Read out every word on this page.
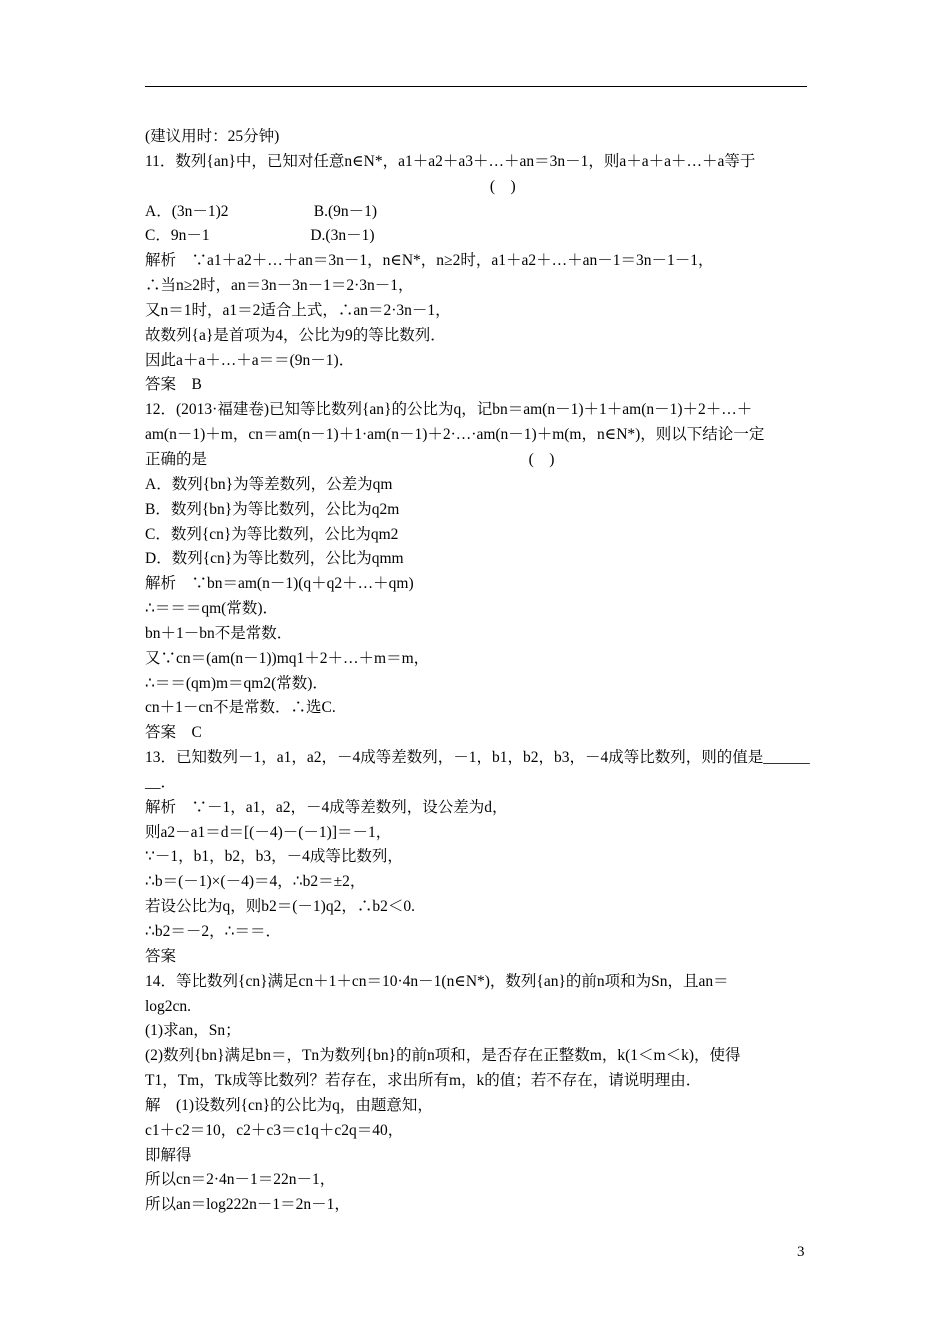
(建议用时：25分钟)
11．数列{an}中，已知对任意n∈N*，a1＋a2＋a3＋…＋an＝3n－1，则a＋a＋a＋…＋a等于
(    )
A．(3n－1)2                      B.(9n－1)
C．9n－1                          D.(3n－1)
解析　∵a1＋a2＋…＋an＝3n－1，n∈N*，n≥2时，a1＋a2＋…＋an－1＝3n－1－1，
∴当n≥2时，an＝3n－3n－1＝2·3n－1，
又n＝1时，a1＝2适合上式，∴an＝2·3n－1，
故数列{a}是首项为4，公比为9的等比数列．
因此a＋a＋…＋a＝＝(9n－1)．
答案　B
12．(2013·福建卷)已知等比数列{an}的公比为q，记bn＝am(n－1)＋1＋am(n－1)＋2＋…＋
am(n－1)＋m，cn＝am(n－1)＋1·am(n－1)＋2·…·am(n－1)＋m(m，n∈N*)，则以下结论一定
正确的是                                                                                   (    )
A．数列{bn}为等差数列，公差为qm
B．数列{bn}为等比数列，公比为q2m
C．数列{cn}为等比数列，公比为qm2
D．数列{cn}为等比数列，公比为qmm
解析　∵bn＝am(n－1)(q＋q2＋…＋qm)
∴＝＝＝qm(常数)．
bn＋1－bn不是常数．
又∵cn＝(am(n－1))mq1＋2＋…＋m＝m，
∴＝＝(qm)m＝qm2(常数)．
cn＋1－cn不是常数．∴选C.
答案　C
13．已知数列－1，a1，a2，－4成等差数列，－1，b1，b2，b3，－4成等比数列，则的值是______
__．
解析　∵－1，a1，a2，－4成等差数列，设公差为d，
则a2－a1＝d＝[(－4)－(－1)]＝－1，
∵－1，b1，b2，b3，－4成等比数列，
∴b＝(－1)×(－4)＝4，∴b2＝±2，
若设公比为q，则b2＝(－1)q2，∴b2＜0.
∴b2＝－2，∴＝＝．
答案
14．等比数列{cn}满足cn＋1＋cn＝10·4n－1(n∈N*)，数列{an}的前n项和为Sn，且an＝
log2cn.
(1)求an，Sn；
(2)数列{bn}满足bn＝，Tn为数列{bn}的前n项和，是否存在正整数m，k(1＜m＜k)，使得
T1，Tm，Tk成等比数列？若存在，求出所有m，k的值；若不存在，请说明理由．
解　(1)设数列{cn}的公比为q，由题意知，
c1＋c2＝10，c2＋c3＝c1q＋c2q＝40，
即解得
所以cn＝2·4n－1＝22n－1，
所以an＝log222n－1＝2n－1，
3
